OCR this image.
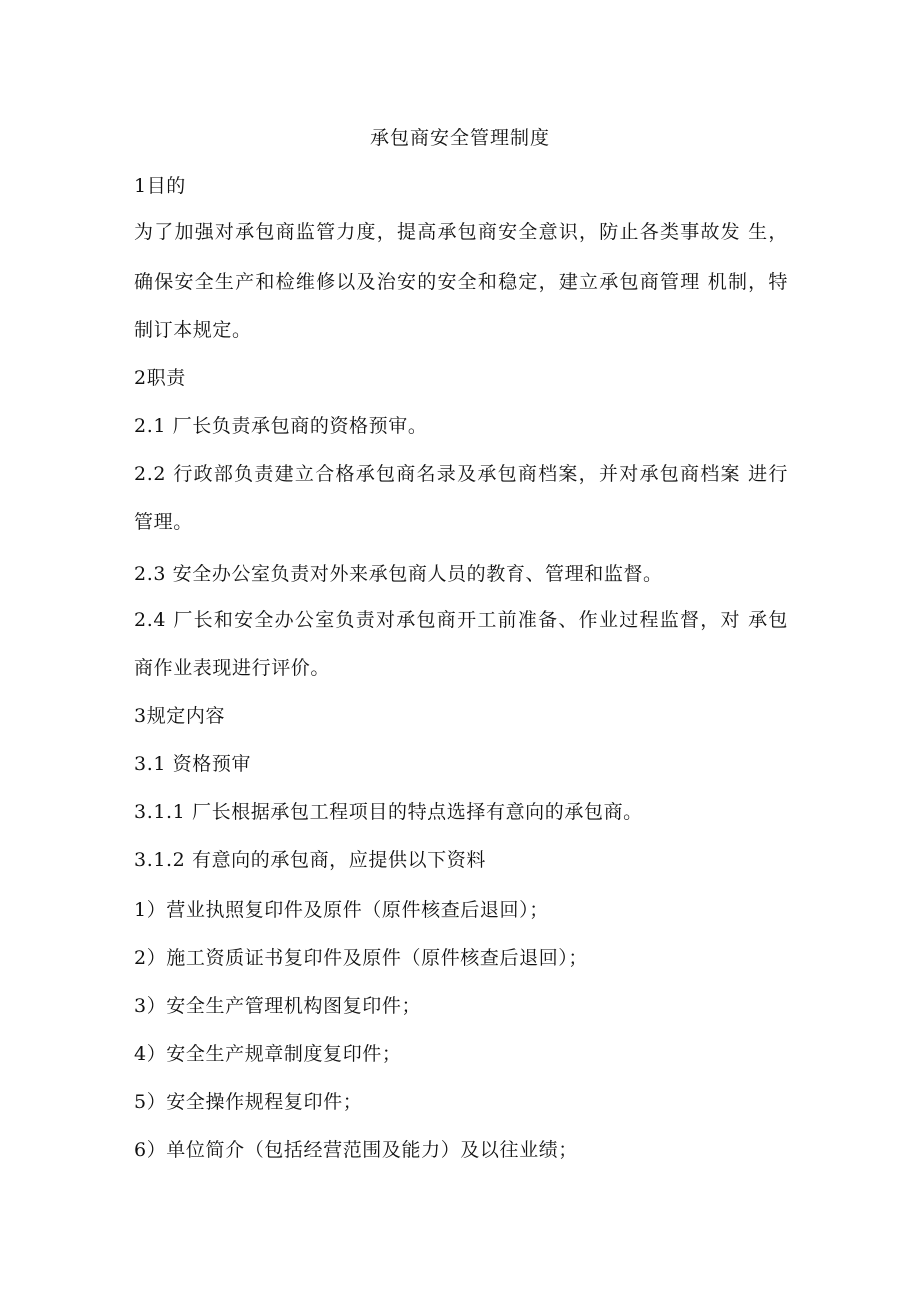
承包商安全管理制度
1目的
为了加强对承包商监管力度，提高承包商安全意识，防止各类事故发 生，
确保安全生产和检维修以及治安的安全和稳定，建立承包商管理 机制，特
制订本规定。
2职责
2.1 厂长负责承包商的资格预审。
2.2 行政部负责建立合格承包商名录及承包商档案，并对承包商档案 进行
管理。
2.3 安全办公室负责对外来承包商人员的教育、管理和监督。
2.4 厂长和安全办公室负责对承包商开工前准备、作业过程监督，对 承包
商作业表现进行评价。
3规定内容
3.1 资格预审
3.1.1 厂长根据承包工程项目的特点选择有意向的承包商。
3.1.2 有意向的承包商，应提供以下资料
1）营业执照复印件及原件（原件核查后退回）；
2）施工资质证书复印件及原件（原件核查后退回）；
3）安全生产管理机构图复印件；
4）安全生产规章制度复印件；
5）安全操作规程复印件；
6）单位简介（包括经营范围及能力）及以往业绩；
